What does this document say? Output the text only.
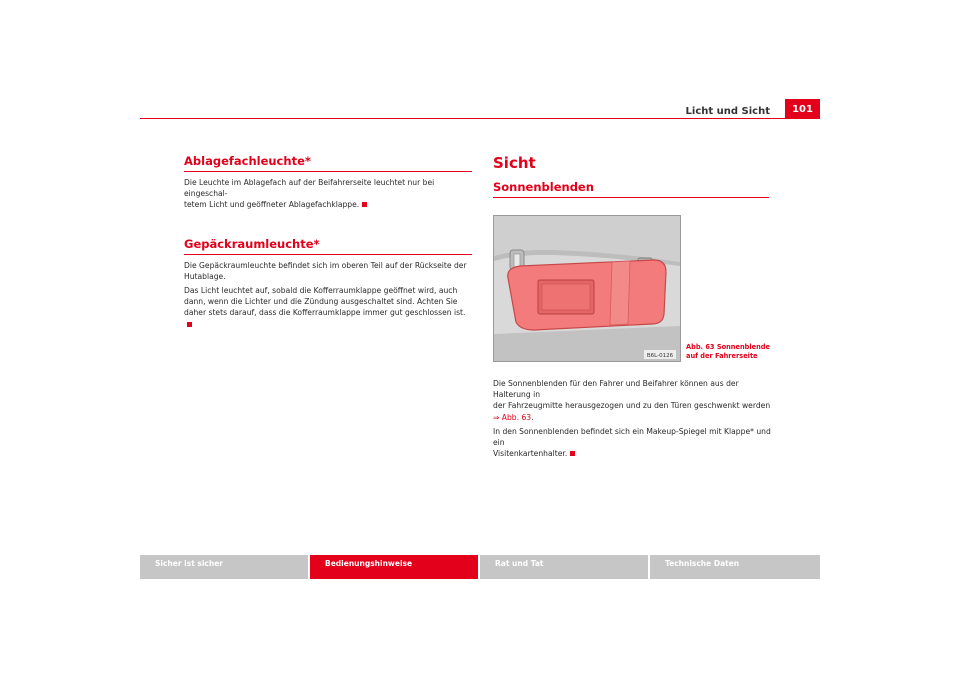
Licht und Sicht	101
Ablagefachleuchte*

Die Leuchte im Ablagefach auf der Beifahrerseite leuchtet nur bei eingeschal-
tetem Licht und geöffneter Ablagefachklappe.

Gepäckraumleuchte*

Die Gepäckraumleuchte befindet sich im oberen Teil auf der Rückseite der
Hutablage.

Das Licht leuchtet auf, sobald die Kofferraumklappe geöffnet wird, auch
dann, wenn die Lichter und die Zündung ausgeschaltet sind. Achten Sie
daher stets darauf, dass die Kofferraumklappe immer gut geschlossen ist.

Sicht
Sonnenblenden
B6L-0126
Abb. 63 Sonnenblende
auf der Fahrerseite

Die Sonnenblenden für den Fahrer und Beifahrer können aus der Halterung in
der Fahrzeugmitte herausgezogen und zu den Türen geschwenkt werden
⇒ Abb. 63.

In den Sonnenblenden befindet sich ein Makeup-Spiegel mit Klappe* und ein
Visitenkartenhalter.

Sicher ist sicher	Bedienungshinweise	Rat und Tat	Technische Daten
